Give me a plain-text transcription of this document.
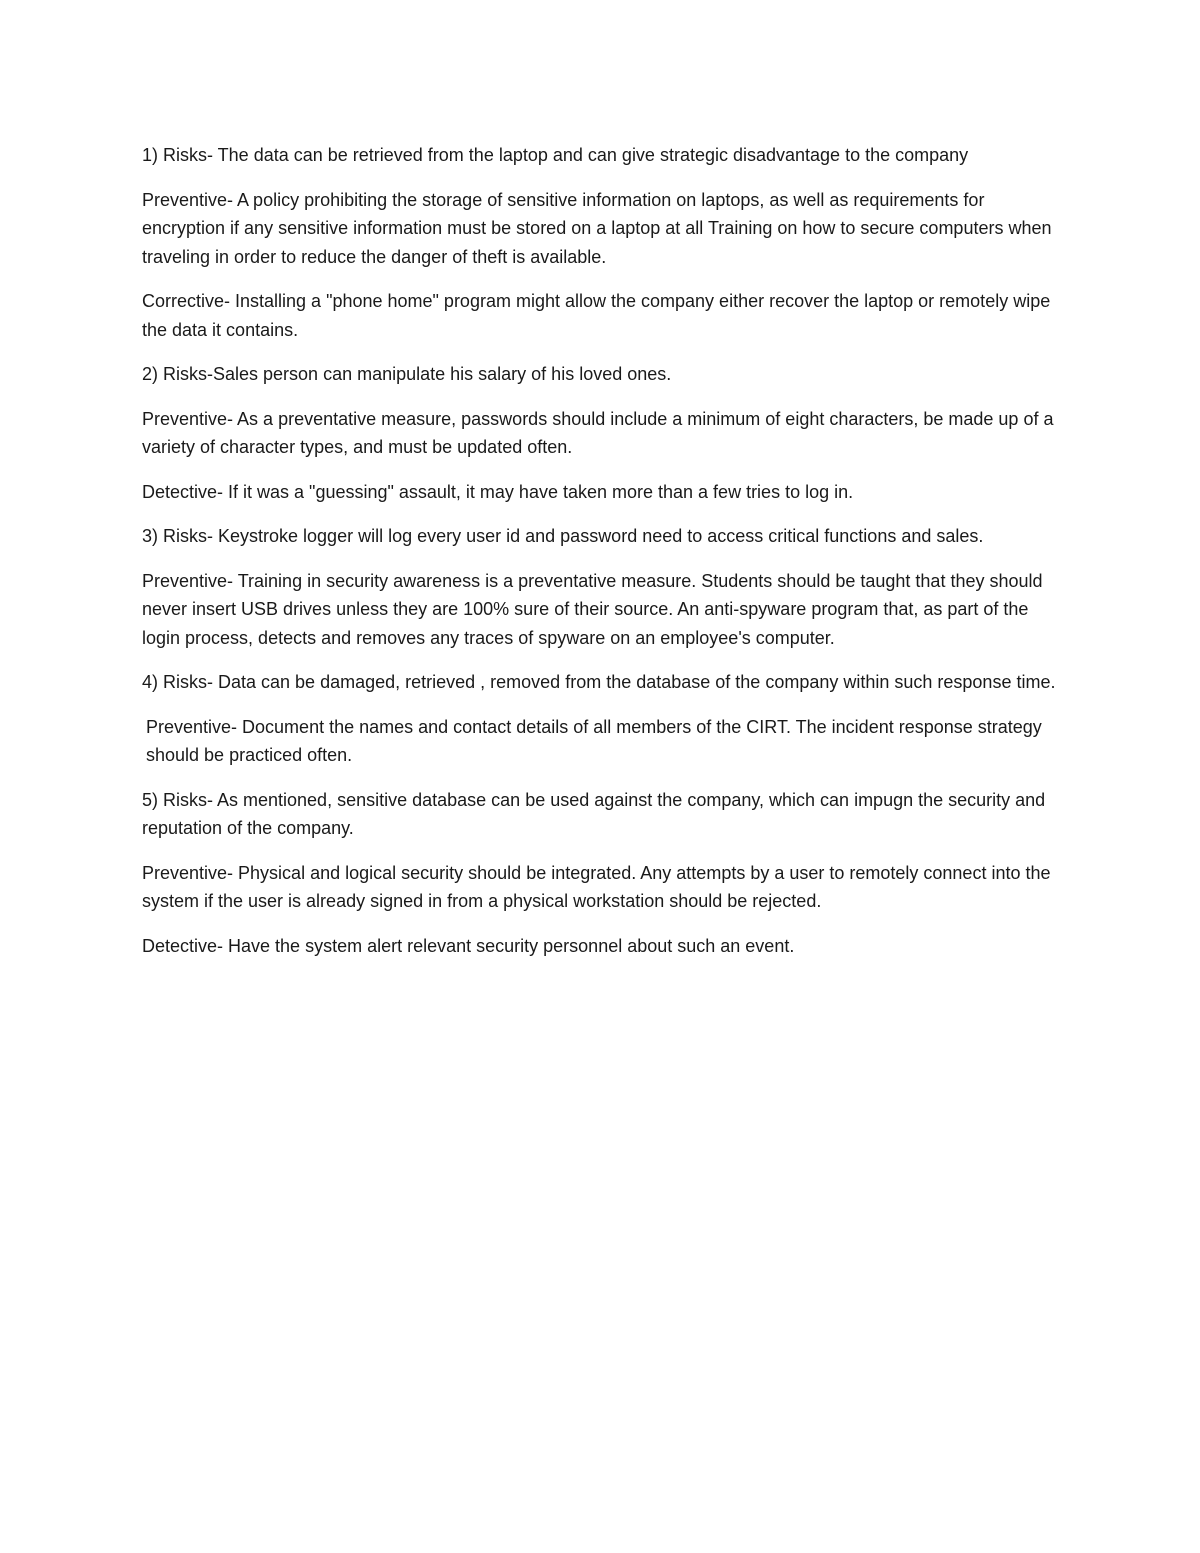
1) Risks- The data can be retrieved from the laptop and can give strategic disadvantage to the company

Preventive- A policy prohibiting the storage of sensitive information on laptops, as well as requirements for encryption if any sensitive information must be stored on a laptop at all Training on how to secure computers when traveling in order to reduce the danger of theft is available.

Corrective- Installing a "phone home" program might allow the company either recover the laptop or remotely wipe the data it contains.

2) Risks-Sales person can manipulate his salary of his loved ones.

Preventive- As a preventative measure, passwords should include a minimum of eight characters, be made up of a variety of character types, and must be updated often.

Detective- If it was a "guessing" assault, it may have taken more than a few tries to log in.

3) Risks- Keystroke logger will log every user id and password need to access critical functions and sales.

Preventive- Training in security awareness is a preventative measure. Students should be taught that they should never insert USB drives unless they are 100% sure of their source. An anti-spyware program that, as part of the login process, detects and removes any traces of spyware on an employee's computer.

4) Risks- Data can be damaged, retrieved , removed from the database of the company within such response time.

Preventive- Document the names and contact details of all members of the CIRT. The incident response strategy should be practiced often.

5) Risks- As mentioned, sensitive database can be used against the company, which can impugn the security and reputation of the company.

Preventive- Physical and logical security should be integrated. Any attempts by a user to remotely connect into the system if the user is already signed in from a physical workstation should be rejected.

Detective- Have the system alert relevant security personnel about such an event.
